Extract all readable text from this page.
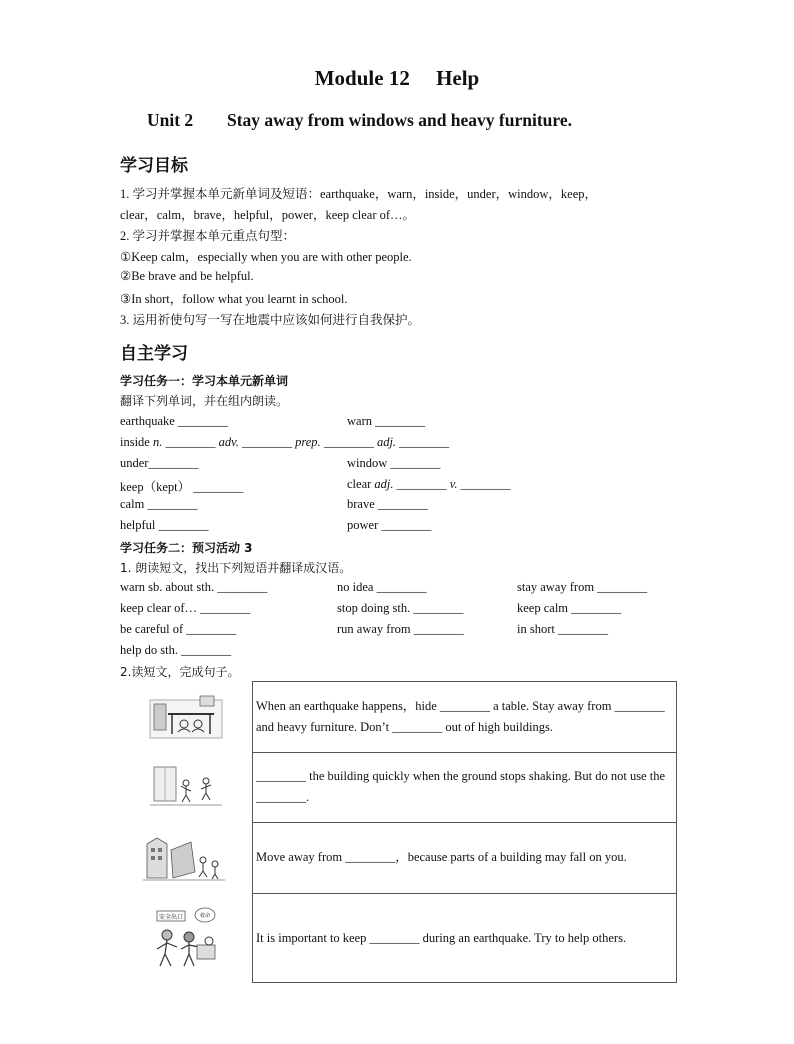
Module 12     Help
Unit 2 Stay away from windows and heavy furniture.
学习目标
1. 学习并掌握本单元新单词及短语：earthquake，warn，inside，under，window，keep，
clear，calm，brave，helpful，power，keep clear of…。
2. 学习并掌握本单元重点句型：
①Keep calm，especially when you are with other people.
②Be brave and be helpful.
③In short，follow what you learnt in school.
3. 运用祈使句写一写在地震中应该如何进行自我保护。
自主学习
学习任务一：学习本单元新单词
翻译下列单词，并在组内朗读。
earthquake ________	warn ________
inside n. ________ adv. ________ prep. ________ adj. ________
under________	window ________
keep（kept） ________	clear adj. ________ v. ________
calm ________	brave ________
helpful ________	power ________
学习任务二：预习活动 3
1. 朗读短文，找出下列短语并翻译成汉语。
warn sb. about sth. ________	no idea ________	stay away from ________
keep clear of… ________	stop doing sth. ________	keep calm ________
be careful of ________	run away from ________	in short ________
help do sth. ________
2.读短文，完成句子。
安全出口	救命
When an earthquake happens，hide ________ a table. Stay away from ________ and heavy furniture. Don’t ________ out of high buildings.
________ the building quickly when the ground stops shaking. But do not use the ________.
Move away from ________，because parts of a building may fall on you.
It is important to keep ________ during an earthquake. Try to help others.
